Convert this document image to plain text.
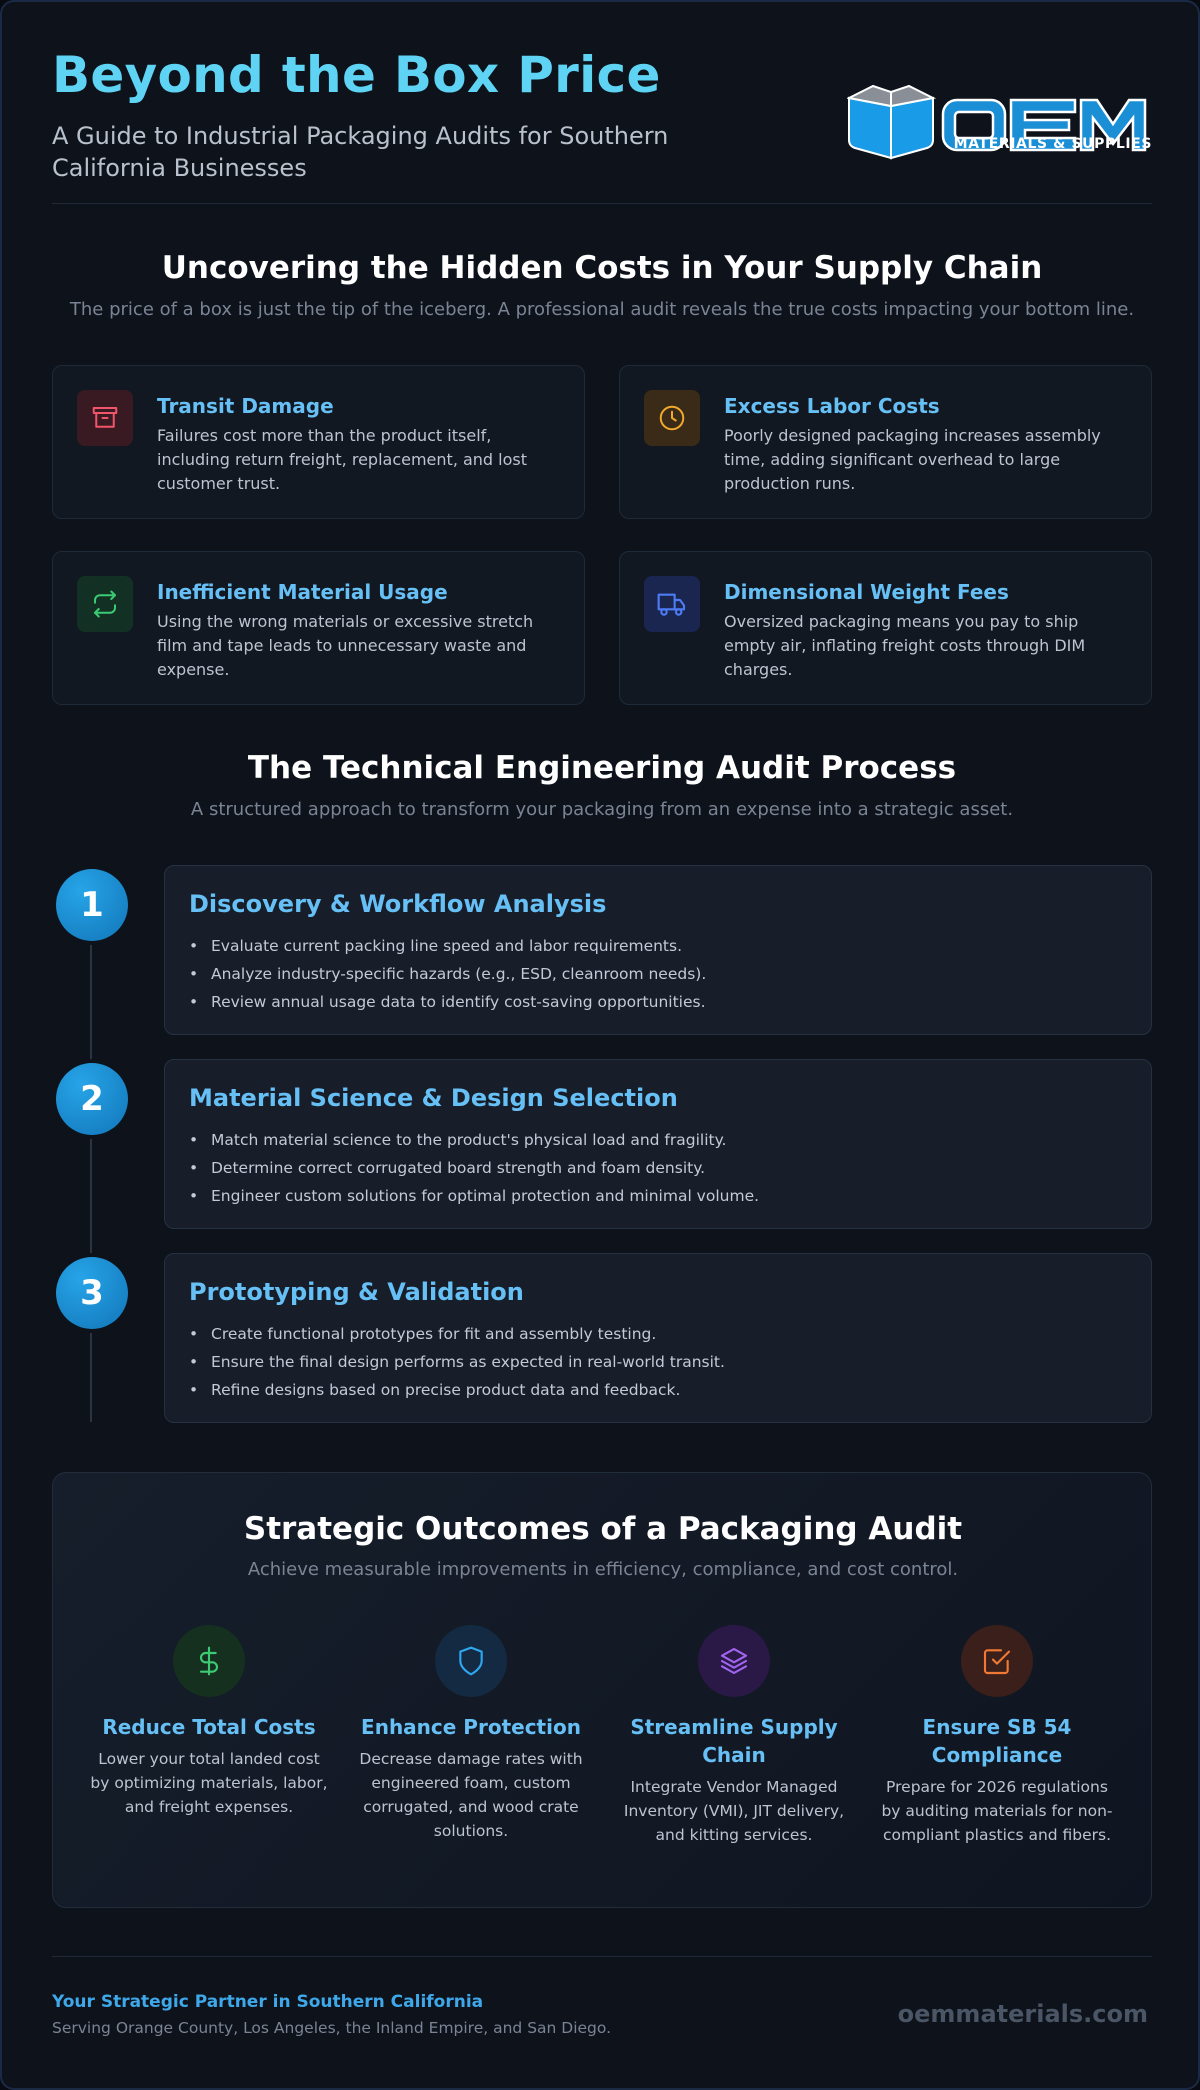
Beyond the Box Price
A Guide to Industrial Packaging Audits for Southern California Businesses
MATERIALS & SUPPLIES
Uncovering the Hidden Costs in Your Supply Chain
The price of a box is just the tip of the iceberg. A professional audit reveals the true costs impacting your bottom line.
Transit Damage
Failures cost more than the product itself, including return freight, replacement, and lost customer trust.
Excess Labor Costs
Poorly designed packaging increases assembly time, adding significant overhead to large production runs.
Inefficient Material Usage
Using the wrong materials or excessive stretch film and tape leads to unnecessary waste and expense.
Dimensional Weight Fees
Oversized packaging means you pay to ship empty air, inflating freight costs through DIM charges.
The Technical Engineering Audit Process
A structured approach to transform your packaging from an expense into a strategic asset.
1	Discovery & Workflow Analysis
• Evaluate current packing line speed and labor requirements.
• Analyze industry-specific hazards (e.g., ESD, cleanroom needs).
• Review annual usage data to identify cost-saving opportunities.
2	Material Science & Design Selection
• Match material science to the product's physical load and fragility.
• Determine correct corrugated board strength and foam density.
• Engineer custom solutions for optimal protection and minimal volume.
3	Prototyping & Validation
• Create functional prototypes for fit and assembly testing.
• Ensure the final design performs as expected in real-world transit.
• Refine designs based on precise product data and feedback.
Strategic Outcomes of a Packaging Audit
Achieve measurable improvements in efficiency, compliance, and cost control.
Reduce Total Costs
Lower your total landed cost by optimizing materials, labor, and freight expenses.
Enhance Protection
Decrease damage rates with engineered foam, custom corrugated, and wood crate solutions.
Streamline Supply Chain
Integrate Vendor Managed Inventory (VMI), JIT delivery, and kitting services.
Ensure SB 54 Compliance
Prepare for 2026 regulations by auditing materials for non-compliant plastics and fibers.
Your Strategic Partner in Southern California
Serving Orange County, Los Angeles, the Inland Empire, and San Diego.	oemmaterials.com
